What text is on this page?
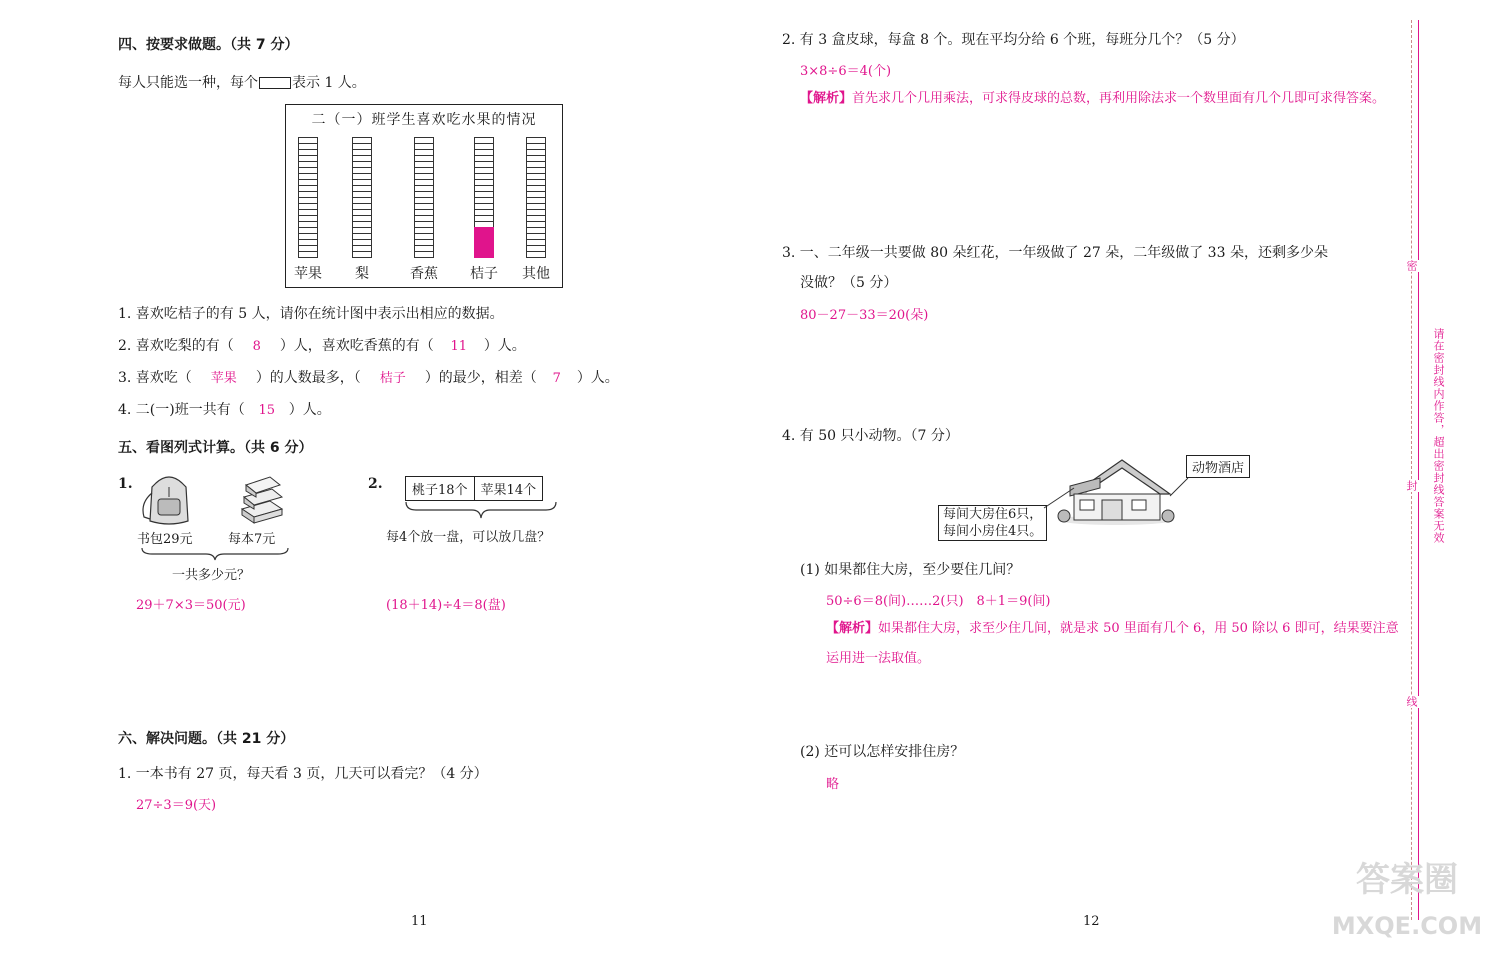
四、按要求做题。（共 7 分）
每人只能选一种，每个 表示 1 人。
二（一）班学生喜欢吃水果的情况
苹果	梨	香蕉	桔子	其他
1. 喜欢吃桔子的有 5 人，请你在统计图中表示出相应的数据。
2. 喜欢吃梨的有（ 8 ）人，喜欢吃香蕉的有（ 11 ）人。
3. 喜欢吃（ 苹果 ）的人数最多，（ 桔子 ）的最少，相差（ 7 ）人。
4. 二(一)班一共有（ 15 ）人。
五、看图列式计算。（共 6 分）
1.
书包29元	每本7元
一共多少元？
29＋7×3＝50(元)
2.	桃子18个	苹果14个
每4个放一盘，可以放几盘？
(18＋14)÷4＝8(盘)
六、解决问题。（共 21 分）
1. 一本书有 27 页，每天看 3 页，几天可以看完？（4 分）
27÷3＝9(天)
11
2. 有 3 盒皮球，每盒 8 个。现在平均分给 6 个班，每班分几个？（5 分）
3×8÷6＝4(个)
【解析】首先求几个几用乘法，可求得皮球的总数，再利用除法求一个数里面有几个几即可求得答案。
3. 一、二年级一共要做 80 朵红花，一年级做了 27 朵，二年级做了 33 朵，还剩多少朵
没做？（5 分）
80－27－33＝20(朵)
4. 有 50 只小动物。（7 分）
动物酒店
每间大房住6只，
每间小房住4只。
(1) 如果都住大房，至少要住几间？
50÷6＝8(间)……2(只)　8＋1＝9(间)
【解析】如果都住大房，求至少住几间，就是求 50 里面有几个 6，用 50 除以 6 即可，结果要注意运用进一法取值。
(2) 还可以怎样安排住房？
略
12
密
封
线
请在密封线内作答，超出密封线答案无效
答案圈
MXQE.COM
